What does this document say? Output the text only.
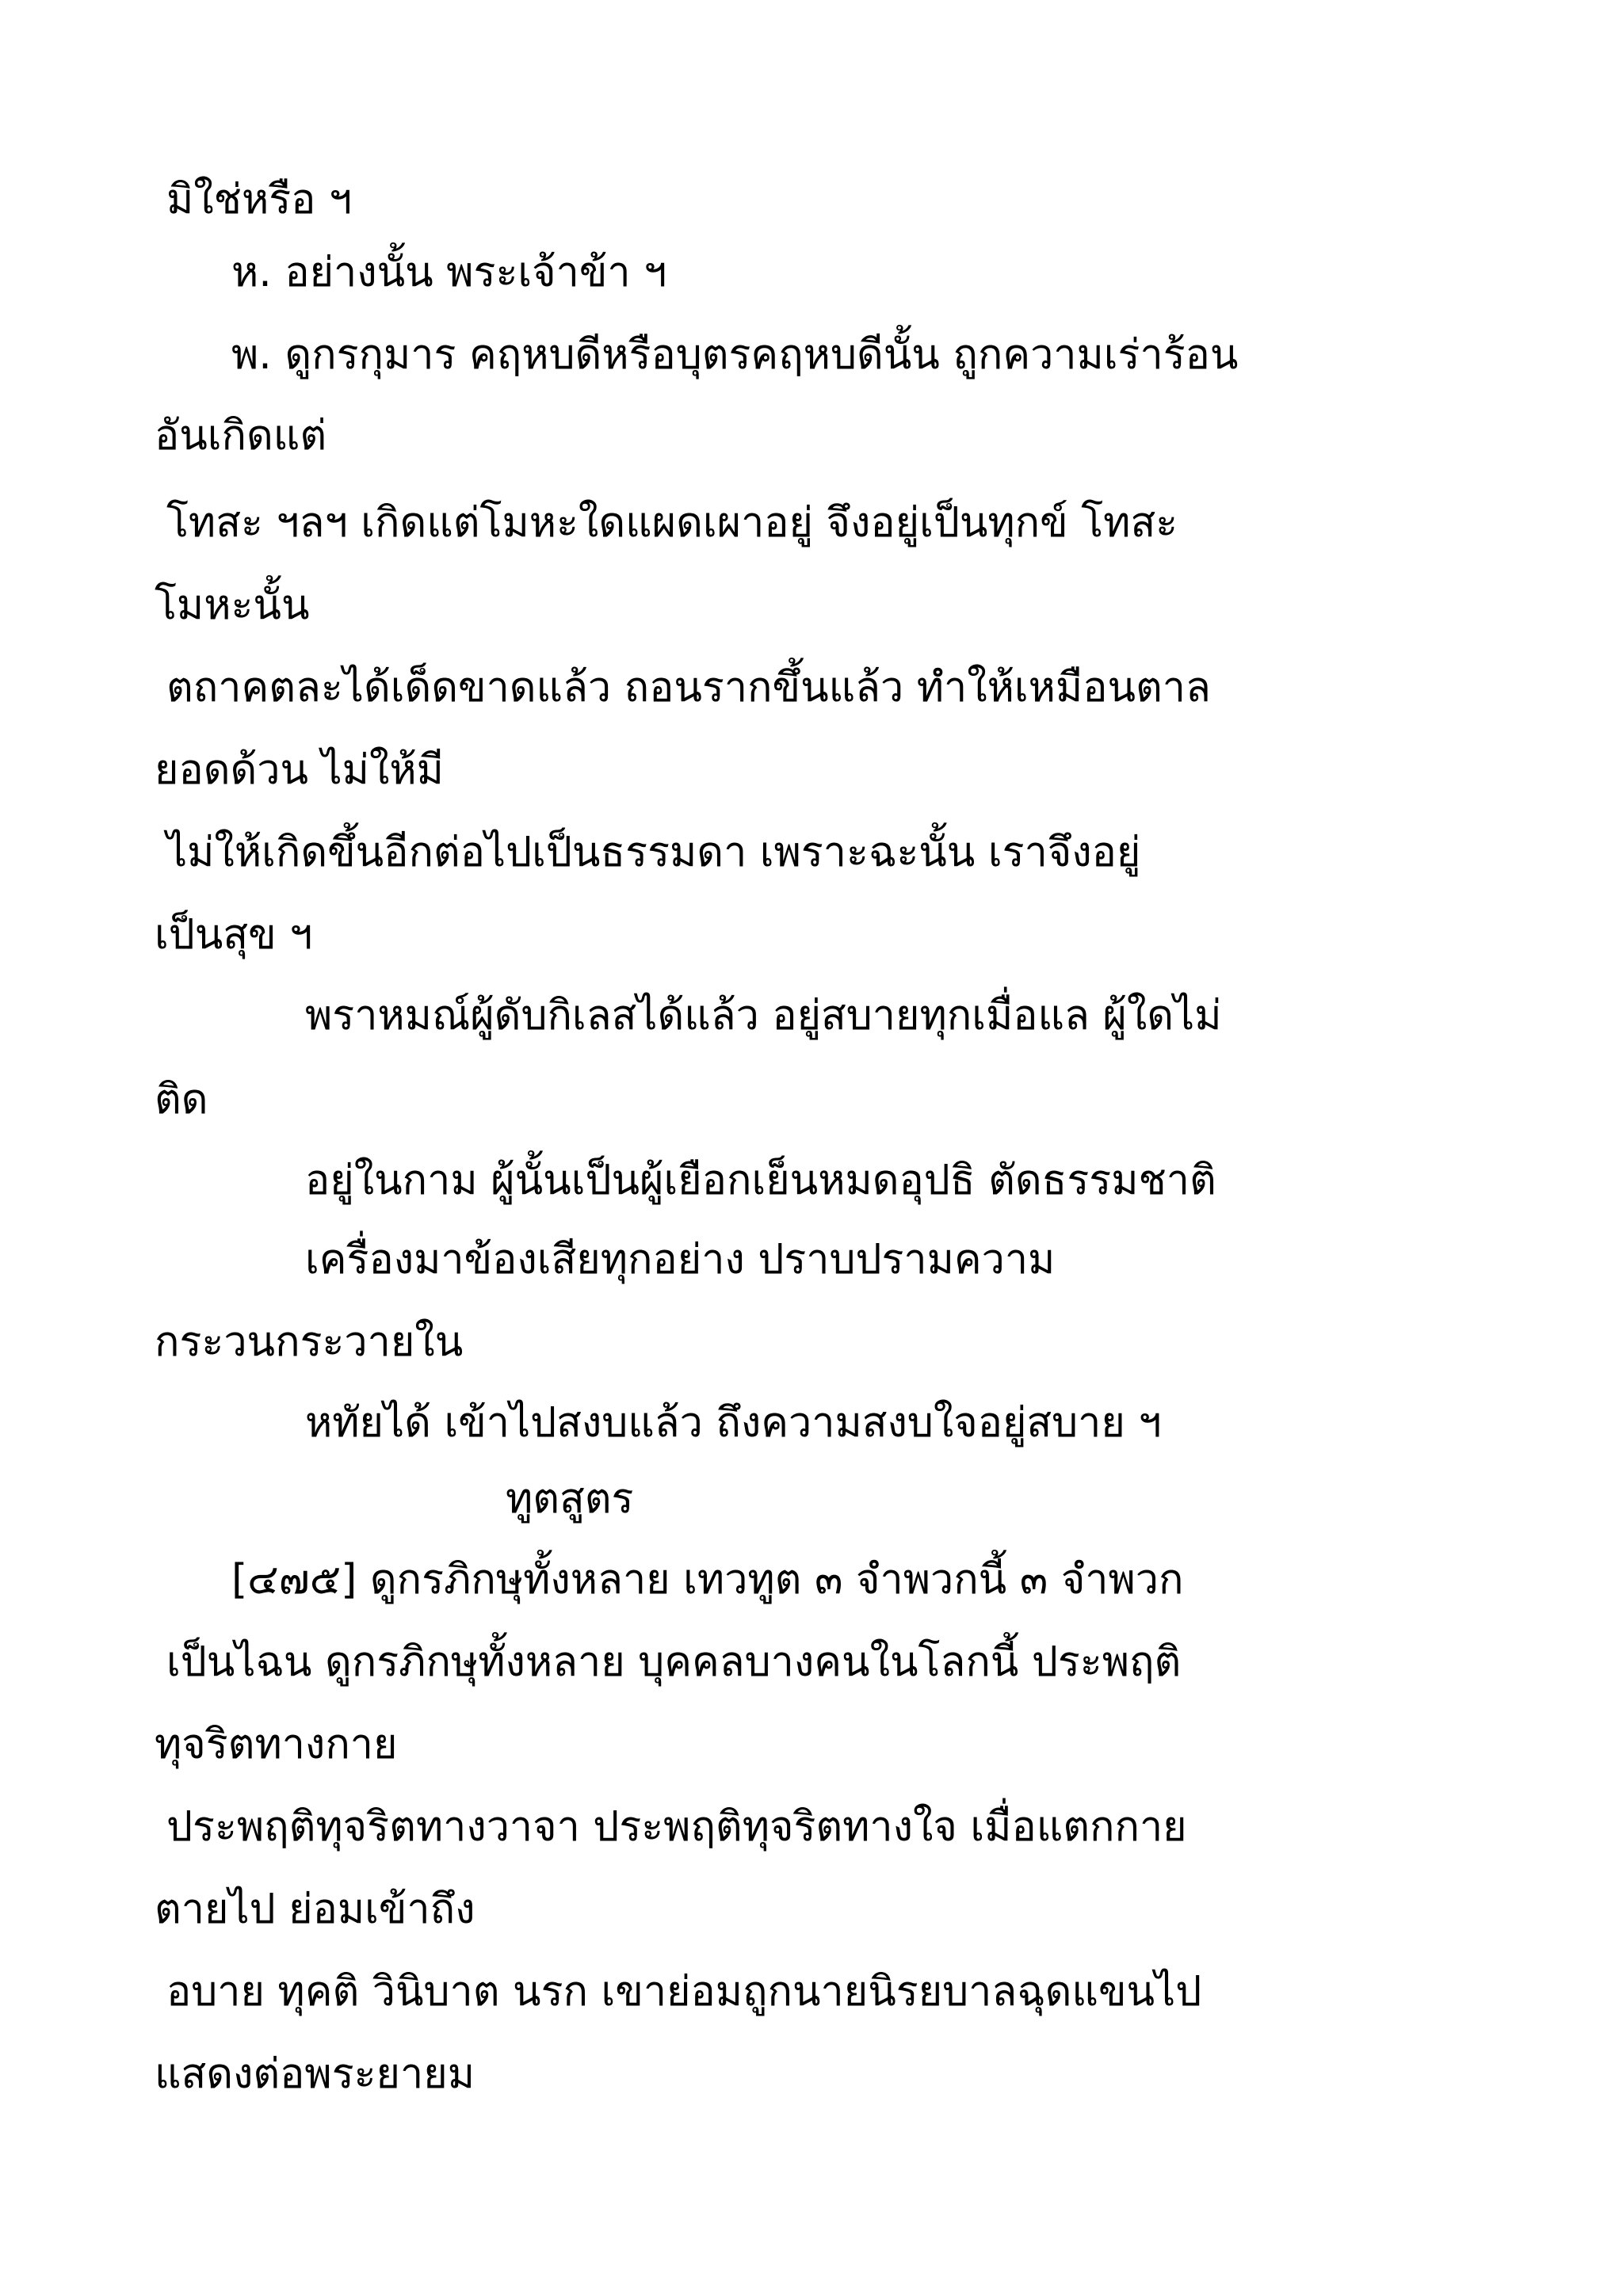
มิใช่หรือ ฯ
ห. อย่างนั้น พระเจ้าข้า ฯ
พ. ดูกรกุมาร คฤหบดีหรือบุตรคฤหบดีนั้น ถูกความเร่าร้อน
อันเกิดแต่
โทสะ ฯลฯ เกิดแต่โมหะใดแผดเผาอยู่ จึงอยู่เป็นทุกข์ โทสะ
โมหะนั้น
ตถาคตละได้เด็ดขาดแล้ว ถอนรากขึ้นแล้ว ทำให้เหมือนตาล
ยอดด้วน ไม่ให้มี
ไม่ให้เกิดขึ้นอีกต่อไปเป็นธรรมดา เพราะฉะนั้น เราจึงอยู่
เป็นสุข ฯ
พราหมณ์ผู้ดับกิเลสได้แล้ว อยู่สบายทุกเมื่อแล ผู้ใดไม่
ติด
อยู่ในกาม ผู้นั้นเป็นผู้เยือกเย็นหมดอุปธิ ตัดธรรมชาติ
เครื่องมาข้องเสียทุกอย่าง ปราบปรามความ
กระวนกระวายใน
หทัยได้ เข้าไปสงบแล้ว ถึงความสงบใจอยู่สบาย ฯ
ทูตสูตร
[๔๗๕] ดูกรภิกษุทั้งหลาย เทวทูต ๓ จำพวกนี้ ๓ จำพวก
เป็นไฉน ดูกรภิกษุทั้งหลาย บุคคลบางคนในโลกนี้ ประพฤติ
ทุจริตทางกาย
ประพฤติทุจริตทางวาจา ประพฤติทุจริตทางใจ เมื่อแตกกาย
ตายไป ย่อมเข้าถึง
อบาย ทุคติ วินิบาต นรก เขาย่อมถูกนายนิรยบาลฉุดแขนไป
แสดงต่อพระยายม
